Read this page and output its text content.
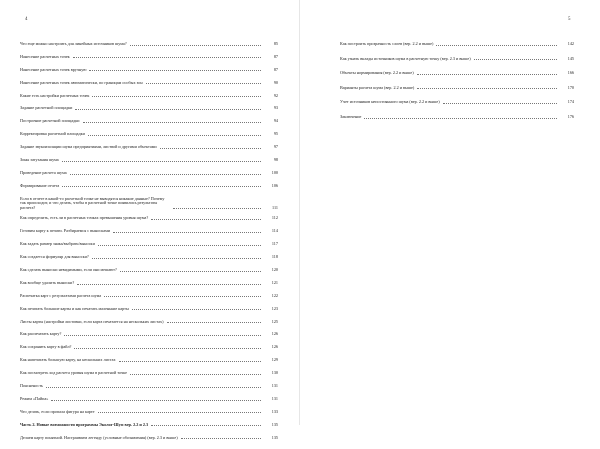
4
Что еще можно настроить для линейных источников шума?	85
Нанесение расчетных точек	87
Нанесение расчетных точек вручную	87
Нанесение расчетных точек автоматически, по границам особых зон	90
Какие есть настройки расчетных точек	92
Задание расчетной площадки	93
Построение расчетной площадки	94
Корректировка расчетной площадки	95
Задание звукоизоляции шума предприятиями, листвой и другими объектами	97
Зоны затухания шума	98
Проведение расчета шума	100
Формирование отчета	106
Если в отчете в какой-то расчетной точке не выводятся никакие данные? Почему так происходит, и что делать, чтобы в расчетной точке появились результаты расчета?	111
Как определить, есть ли в расчетных точках превышения уровня шума?	112
Готовим карту к печати. Разбираемся с выносками	114
Как задать размер знака/выбрать/выноски	117
Как создается формуляр для выноски?	118
Как сделать выноски невидимыми, если они мешают?	120
Как вообще удалить выноски?	121
Распечатка карт с результатами расчета шума	122
Как печатать большие карты и как печатать маленькие карты	123
Листы карты (настройки листовки, если карта печатается на нескольких листах)	125
Как распечатать карту?	126
Как сохранить карту в файл?	126
Как напечатать большую карту, на нескольких листах	129
Как посмотреть ход расчета уровня шума в расчетной точке	130
Поясненость	131
Режим «Пайпа»	131
Что делать, если пропала фигура на карте	133
Часть 2. Новые возможности программы Эколог-Шум вер. 2.2 и 2.3	135
Делаем карту понятной. Настраиваем легенду (условные обозначения) (вер. 2.3 и выше)	135
5
Как построить прозрачность слоев (вер. 2.2 и выше)	142
Как узнать вклады источников шума в расчетную точку (вер. 2.3 и выше)	145
Объекты нормирования (вер. 2.2 и выше)	166
Варианты расчета шума (вер. 2.2 и выше)	170
Учет источников непостоянного шума (вер. 2.2 и выше)	174
Заключение	176
